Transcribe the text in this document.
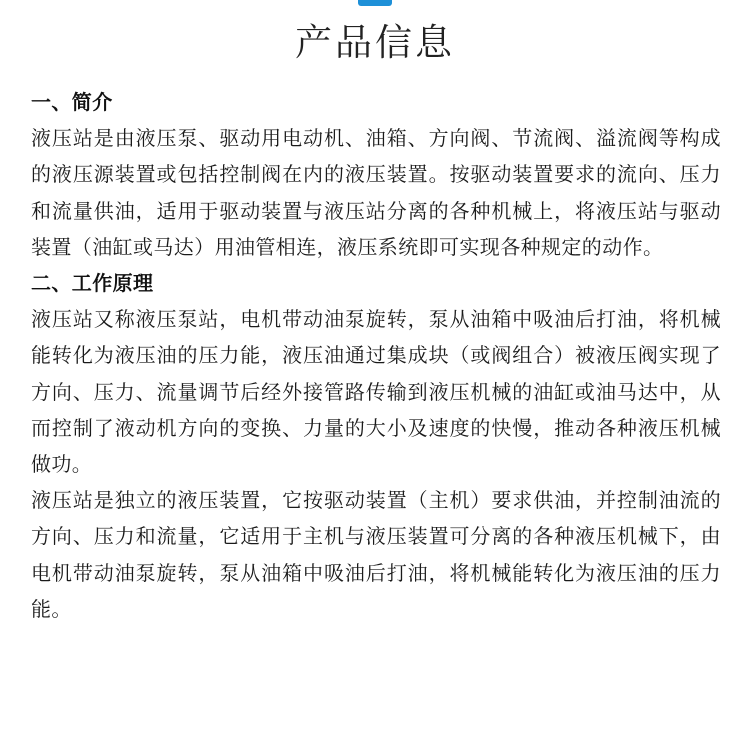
产品信息
一、简介

液压站是由液压泵、驱动用电动机、油箱、方向阀、节流阀、溢流阀等构成的液压源装置或包括控制阀在内的液压装置。按驱动装置要求的流向、压力和流量供油，适用于驱动装置与液压站分离的各种机械上，将液压站与驱动装置（油缸或马达）用油管相连，液压系统即可实现各种规定的动作。

二、工作原理

液压站又称液压泵站，电机带动油泵旋转，泵从油箱中吸油后打油，将机械能转化为液压油的压力能，液压油通过集成块（或阀组合）被液压阀实现了方向、压力、流量调节后经外接管路传输到液压机械的油缸或油马达中，从而控制了液动机方向的变换、力量的大小及速度的快慢，推动各种液压机械做功。

液压站是独立的液压装置，它按驱动装置（主机）要求供油，并控制油流的方向、压力和流量，它适用于主机与液压装置可分离的各种液压机械下，由电机带动油泵旋转，泵从油箱中吸油后打油，将机械能转化为液压油的压力能。
